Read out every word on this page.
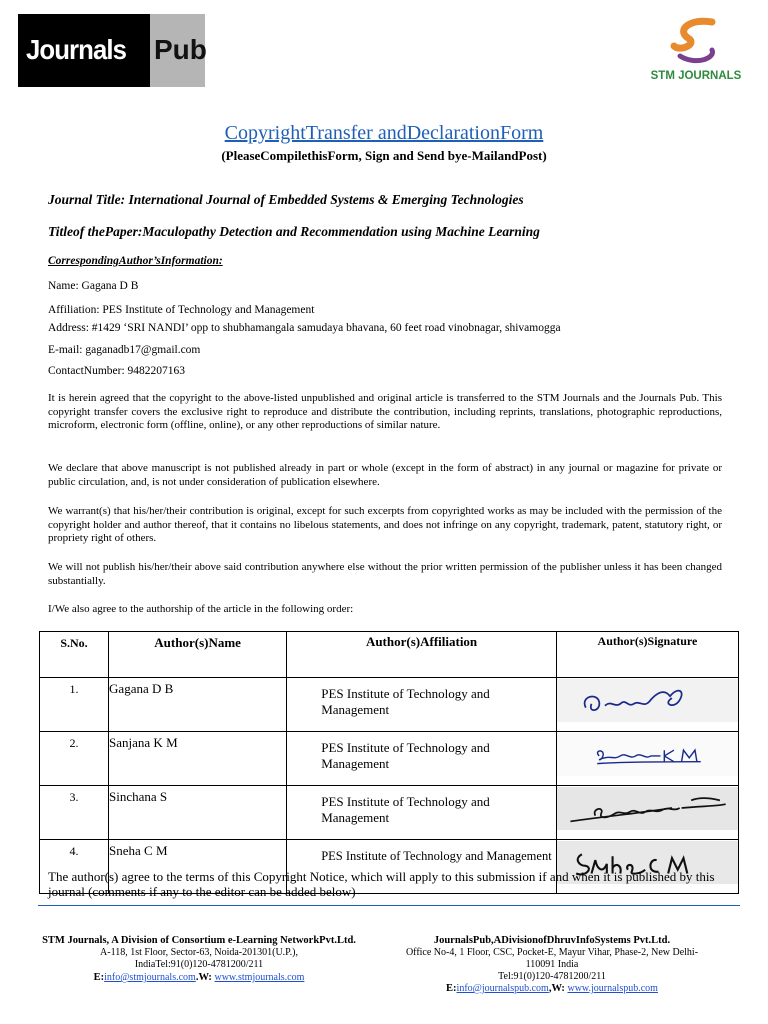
Journals Pub
STM JOURNALS
CopyrightTransfer andDeclarationForm
(PleaseCompilethisForm, Sign and Send bye-MailandPost)
Journal Title: International Journal of Embedded Systems & Emerging Technologies
Titleof thePaper:Maculopathy Detection and Recommendation using Machine Learning
CorrespondingAuthor’sInformation:
Name: Gagana D B
Affiliation: PES Institute of Technology and Management
Address: #1429 ‘SRI NANDI’ opp to shubhamangala samudaya bhavana, 60 feet road vinobnagar, shivamogga
E-mail: gaganadb17@gmail.com
ContactNumber: 9482207163
It is herein agreed that the copyright to the above-listed unpublished and original article is transferred to the STM Journals and the Journals Pub. This copyright transfer covers the exclusive right to reproduce and distribute the contribution, including reprints, translations, photographic reproductions, microform, electronic form (offline, online), or any other reproductions of similar nature.
We declare that above manuscript is not published already in part or whole (except in the form of abstract) in any journal or magazine for private or public circulation, and, is not under consideration of publication elsewhere.
We warrant(s) that his/her/their contribution is original, except for such excerpts from copyrighted works as may be included with the permission of the copyright holder and author thereof, that it contains no libelous statements, and does not infringe on any copyright, trademark, patent, statutory right, or propriety right of others.
We will not publish his/her/their above said contribution anywhere else without the prior written permission of the publisher unless it has been changed substantially.
I/We also agree to the authorship of the article in the following order:
S.No.	Author(s)Name	Author(s)Affiliation	Author(s)Signature
1.	Gagana D B	PES Institute of Technology and Management	

2.	Sanjana K M	PES Institute of Technology and Management	

3.	Sinchana S	PES Institute of Technology and Management	

4.	Sneha C M	PES Institute of Technology and Management	
The author(s) agree to the terms of this Copyright Notice, which will apply to this submission if and when it is published by this journal (comments if any to the editor can be added below)
STM Journals, A Division of Consortium e-Learning NetworkPvt.Ltd.
A-118, 1st Floor, Sector-63, Noida-201301(U.P.),
IndiaTel:91(0)120-4781200/211
E:info@stmjournals.com.W: www.stmjournals.com
JournalsPub,ADivisionofDhruvInfoSystems Pvt.Ltd.
Office No-4, 1 Floor, CSC, Pocket-E, Mayur Vihar, Phase-2, New Delhi-
110091 India
Tel:91(0)120-4781200/211
E:info@journalspub.com,W: www.journalspub.com
